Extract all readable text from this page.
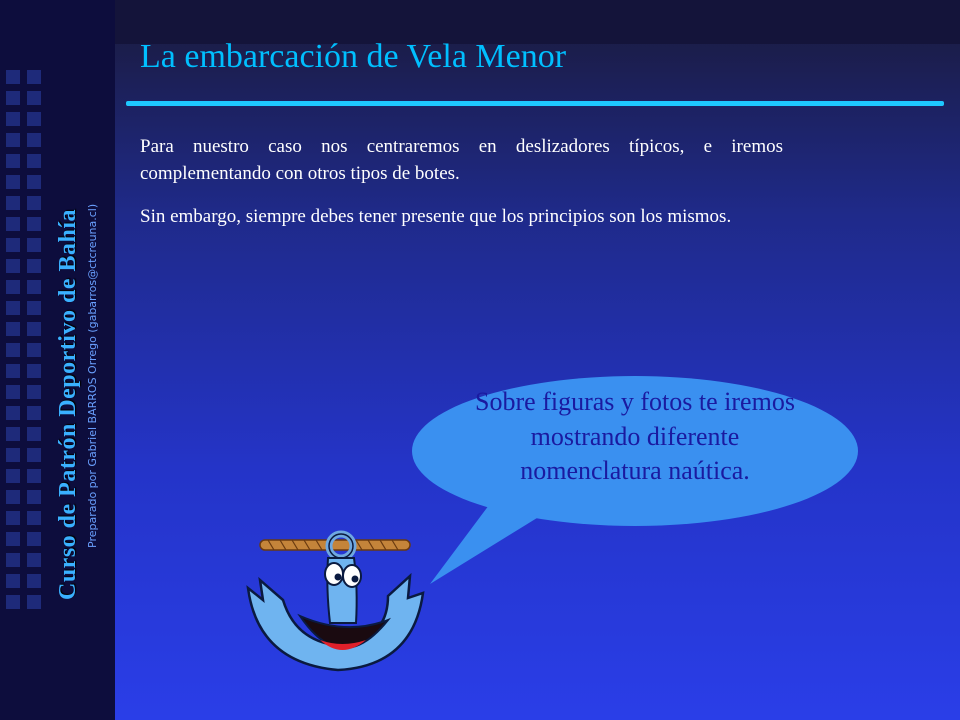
Curso de Patrón Deportivo de Bahía Preparado por Gabriel BARROS Orrego (gabarros@ctcreuna.cl)
La embarcación de Vela Menor

Para nuestro caso nos centraremos en deslizadores típicos, e iremos complementando con otros tipos de botes.

Sin embargo, siempre debes tener presente que los principios son los mismos.

Sobre figuras y fotos te iremos mostrando diferente nomenclatura naútica.
